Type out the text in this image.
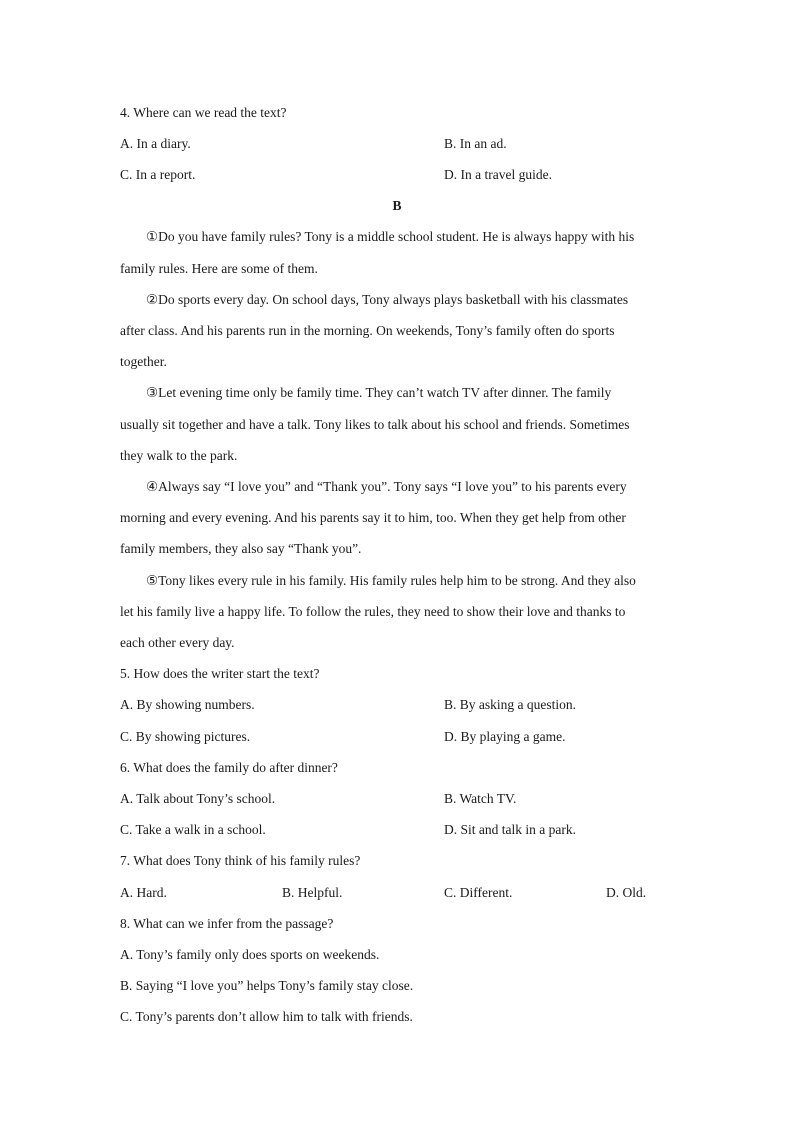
4. Where can we read the text?
A. In a diary.	B. In an ad.
C. In a report.	D. In a travel guide.
B
①Do you have family rules? Tony is a middle school student. He is always happy with his
family rules. Here are some of them.
②Do sports every day. On school days, Tony always plays basketball with his classmates
after class. And his parents run in the morning. On weekends, Tony’s family often do sports
together.
③Let evening time only be family time. They can’t watch TV after dinner. The family
usually sit together and have a talk. Tony likes to talk about his school and friends. Sometimes
they walk to the park.
④Always say “I love you” and “Thank you”. Tony says “I love you” to his parents every
morning and every evening. And his parents say it to him, too. When they get help from other
family members, they also say “Thank you”.
⑤Tony likes every rule in his family. His family rules help him to be strong. And they also
let his family live a happy life. To follow the rules, they need to show their love and thanks to
each other every day.
5. How does the writer start the text?
A. By showing numbers.	B. By asking a question.
C. By showing pictures.	D. By playing a game.
6. What does the family do after dinner?
A. Talk about Tony’s school.	B. Watch TV.
C. Take a walk in a school.	D. Sit and talk in a park.
7. What does Tony think of his family rules?
A. Hard.	B. Helpful.	C. Different.	D. Old.
8. What can we infer from the passage?
A. Tony’s family only does sports on weekends.
B. Saying “I love you” helps Tony’s family stay close.
C. Tony’s parents don’t allow him to talk with friends.
